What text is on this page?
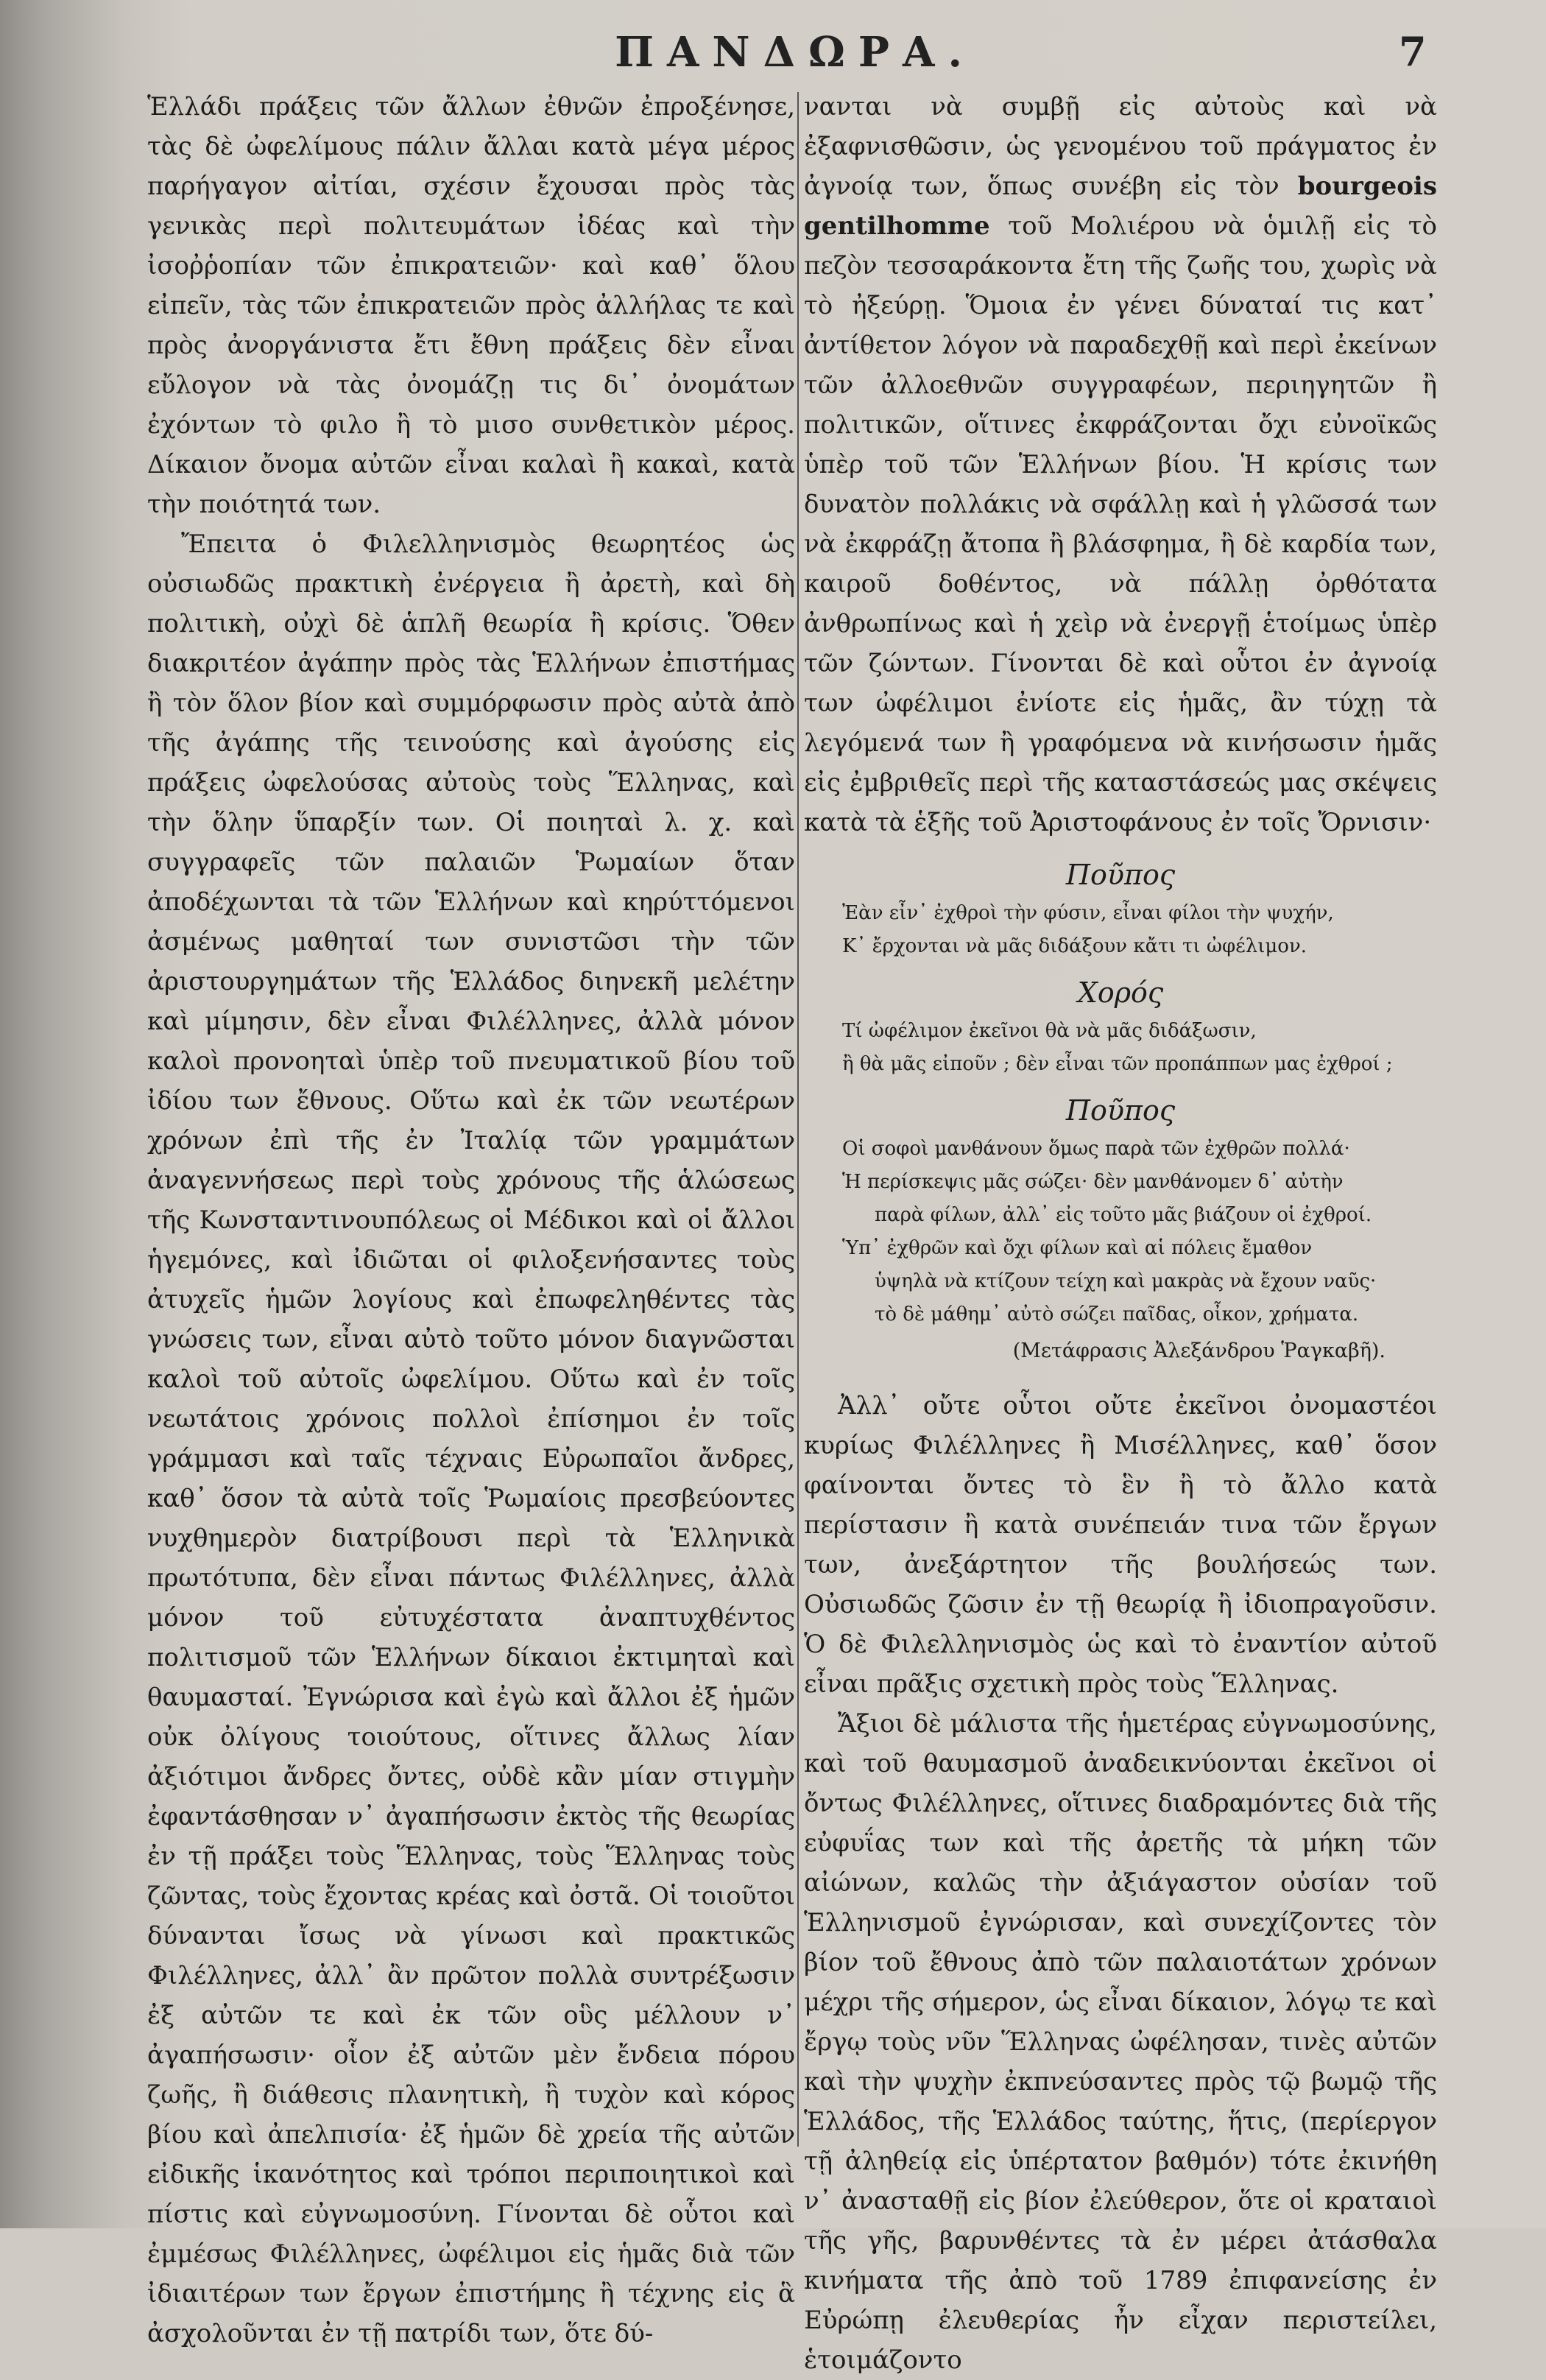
ΠΑΝΔΩΡΑ.	7

Ἑλλάδι πράξεις τῶν ἄλλων ἐθνῶν ἐπροξένησε, τὰς δὲ ὠφελίμους πάλιν ἄλλαι κατὰ μέγα μέρος παρήγαγον αἰτίαι, σχέσιν ἔχουσαι πρὸς τὰς γενικὰς περὶ πολιτευμάτων ἰδέας καὶ τὴν ἰσοῤῥοπίαν τῶν ἐπικρατειῶν· καὶ καθ᾽ ὅλου εἰπεῖν, τὰς τῶν ἐπικρατειῶν πρὸς ἀλλήλας τε καὶ πρὸς ἀνοργάνιστα ἔτι ἔθνη πράξεις δὲν εἶναι εὔλογον νὰ τὰς ὀνομάζῃ τις δι᾽ ὀνομάτων ἐχόντων τὸ φιλο ἢ τὸ μισο συνθετικὸν μέρος. Δίκαιον ὄνομα αὐτῶν εἶναι καλαὶ ἢ κακαὶ, κατὰ τὴν ποιότητά των.

Ἔπειτα ὁ Φιλελληνισμὸς θεωρητέος ὡς οὐσιωδῶς πρακτικὴ ἐνέργεια ἢ ἀρετὴ, καὶ δὴ πολιτικὴ, οὐχὶ δὲ ἁπλῆ θεωρία ἢ κρίσις. Ὅθεν διακριτέον ἀγάπην πρὸς τὰς Ἑλλήνων ἐπιστήμας ἢ τὸν ὅλον βίον καὶ συμμόρφωσιν πρὸς αὐτὰ ἀπὸ τῆς ἀγάπης τῆς τεινούσης καὶ ἀγούσης εἰς πράξεις ὠφελούσας αὐτοὺς τοὺς Ἕλληνας, καὶ τὴν ὅλην ὕπαρξίν των. Οἱ ποιηταὶ λ. χ. καὶ συγγραφεῖς τῶν παλαιῶν Ῥωμαίων ὅταν ἀποδέχωνται τὰ τῶν Ἑλλήνων καὶ κηρύττόμενοι ἀσμένως μαθηταί των συνιστῶσι τὴν τῶν ἀριστουργημάτων τῆς Ἑλλάδος διηνεκῆ μελέτην καὶ μίμησιν, δὲν εἶναι Φιλέλληνες, ἀλλὰ μόνον καλοὶ προνοηταὶ ὑπὲρ τοῦ πνευματικοῦ βίου τοῦ ἰδίου των ἔθνους. Οὕτω καὶ ἐκ τῶν νεωτέρων χρόνων ἐπὶ τῆς ἐν Ἰταλίᾳ τῶν γραμμάτων ἀναγεννήσεως περὶ τοὺς χρόνους τῆς ἁλώσεως τῆς Κωνσταντινουπόλεως οἱ Μέδικοι καὶ οἱ ἄλλοι ἡγεμόνες, καὶ ἰδιῶται οἱ φιλοξενήσαντες τοὺς ἀτυχεῖς ἡμῶν λογίους καὶ ἐπωφεληθέντες τὰς γνώσεις των, εἶναι αὐτὸ τοῦτο μόνον διαγνῶσται καλοὶ τοῦ αὐτοῖς ὠφελίμου. Οὕτω καὶ ἐν τοῖς νεωτάτοις χρόνοις πολλοὶ ἐπίσημοι ἐν τοῖς γράμμασι καὶ ταῖς τέχναις Εὐρωπαῖοι ἄνδρες, καθ᾽ ὅσον τὰ αὐτὰ τοῖς Ῥωμαίοις πρεσβεύοντες νυχθημερὸν διατρίβουσι περὶ τὰ Ἑλληνικὰ πρωτότυπα, δὲν εἶναι πάντως Φιλέλληνες, ἀλλὰ μόνον τοῦ εὐτυχέστατα ἀναπτυχθέντος πολιτισμοῦ τῶν Ἑλλήνων δίκαιοι ἐκτιμηταὶ καὶ θαυμασταί. Ἐγνώρισα καὶ ἐγὼ καὶ ἄλλοι ἐξ ἡμῶν οὐκ ὀλίγους τοιούτους, οἵτινες ἄλλως λίαν ἀξιότιμοι ἄνδρες ὄντες, οὐδὲ κἂν μίαν στιγμὴν ἐφαντάσθησαν ν᾽ ἀγαπήσωσιν ἐκτὸς τῆς θεωρίας ἐν τῇ πράξει τοὺς Ἕλληνας, τοὺς Ἕλληνας τοὺς ζῶντας, τοὺς ἔχοντας κρέας καὶ ὀστᾶ. Οἱ τοιοῦτοι δύνανται ἴσως νὰ γίνωσι καὶ πρακτικῶς Φιλέλληνες, ἀλλ᾽ ἂν πρῶτον πολλὰ συντρέξωσιν ἐξ αὐτῶν τε καὶ ἐκ τῶν οὓς μέλλουν ν᾽ ἀγαπήσωσιν· οἷον ἐξ αὐτῶν μὲν ἔνδεια πόρου ζωῆς, ἢ διάθεσις πλανητικὴ, ἢ τυχὸν καὶ κόρος βίου καὶ ἀπελπισία· ἐξ ἡμῶν δὲ χρεία τῆς αὐτῶν εἰδικῆς ἱκανότητος καὶ τρόποι περιποιητικοὶ καὶ πίστις καὶ εὐγνωμοσύνη. Γίνονται δὲ οὗτοι καὶ ἐμμέσως Φιλέλληνες, ὠφέλιμοι εἰς ἡμᾶς διὰ τῶν ἰδιαιτέρων των ἔργων ἐπιστήμης ἢ τέχνης εἰς ἃ ἀσχολοῦνται ἐν τῇ πατρίδι των, ὅτε δύ-

νανται νὰ συμβῇ εἰς αὐτοὺς καὶ νὰ ἐξαφνισθῶσιν, ὡς γενομένου τοῦ πράγματος ἐν ἀγνοίᾳ των, ὅπως συνέβη εἰς τὸν bourgeois gentilhomme τοῦ Μολιέρου νὰ ὁμιλῇ εἰς τὸ πεζὸν τεσσαράκοντα ἔτη τῆς ζωῆς του, χωρὶς νὰ τὸ ἠξεύρῃ. Ὅμοια ἐν γένει δύναταί τις κατ᾽ ἀντίθετον λόγον νὰ παραδεχθῇ καὶ περὶ ἐκείνων τῶν ἀλλοεθνῶν συγγραφέων, περιηγητῶν ἢ πολιτικῶν, οἵτινες ἐκφράζονται ὄχι εὐνοϊκῶς ὑπὲρ τοῦ τῶν Ἑλλήνων βίου. Ἡ κρίσις των δυνατὸν πολλάκις νὰ σφάλλῃ καὶ ἡ γλῶσσά των νὰ ἐκφράζῃ ἄτοπα ἢ βλάσφημα, ἢ δὲ καρδία των, καιροῦ δοθέντος, νὰ πάλλῃ ὀρθότατα ἀνθρωπίνως καὶ ἡ χεὶρ νὰ ἐνεργῇ ἑτοίμως ὑπὲρ τῶν ζώντων. Γίνονται δὲ καὶ οὗτοι ἐν ἀγνοίᾳ των ὠφέλιμοι ἐνίοτε εἰς ἡμᾶς, ἂν τύχῃ τὰ λεγόμενά των ἢ γραφόμενα νὰ κινήσωσιν ἡμᾶς εἰς ἐμβριθεῖς περὶ τῆς καταστάσεώς μας σκέψεις κατὰ τὰ ἑξῆς τοῦ Ἀριστοφάνους ἐν τοῖς Ὄρνισιν·

Ποῦπος
Ἐὰν εἶν᾽ ἐχθροὶ τὴν φύσιν, εἶναι φίλοι τὴν ψυχήν,
Κ᾽ ἔρχονται νὰ μᾶς διδάξουν κἄτι τι ὠφέλιμον.
Χορός
Τί ὠφέλιμον ἐκεῖνοι θὰ νὰ μᾶς διδάξωσιν,
ἢ θὰ μᾶς εἰποῦν ; δὲν εἶναι τῶν προπάππων μας ἐχθροί ;
Ποῦπος
Οἱ σοφοὶ μανθάνουν ὅμως παρὰ τῶν ἐχθρῶν πολλά·
Ἡ περίσκεψις μᾶς σώζει· δὲν μανθάνομεν δ᾽ αὐτὴν
παρὰ φίλων, ἀλλ᾽ εἰς τοῦτο μᾶς βιάζουν οἱ ἐχθροί.
Ὑπ᾽ ἐχθρῶν καὶ ὄχι φίλων καὶ αἱ πόλεις ἔμαθον
ὑψηλὰ νὰ κτίζουν τείχη καὶ μακρὰς νὰ ἔχουν ναῦς·
τὸ δὲ μάθημ᾽ αὐτὸ σώζει παῖδας, οἶκον, χρήματα.
(Μετάφρασις Ἀλεξάνδρου Ῥαγκαβῆ).

Ἀλλ᾽ οὔτε οὗτοι οὔτε ἐκεῖνοι ὀνομαστέοι κυρίως Φιλέλληνες ἢ Μισέλληνες, καθ᾽ ὅσον φαίνονται ὄντες τὸ ἓν ἢ τὸ ἄλλο κατὰ περίστασιν ἢ κατὰ συνέπειάν τινα τῶν ἔργων των, ἀνεξάρτητον τῆς βουλήσεώς των. Οὐσιωδῶς ζῶσιν ἐν τῇ θεωρίᾳ ἢ ἰδιοπραγοῦσιν. Ὁ δὲ Φιλελληνισμὸς ὡς καὶ τὸ ἐναντίον αὐτοῦ εἶναι πρᾶξις σχετικὴ πρὸς τοὺς Ἕλληνας.

Ἄξιοι δὲ μάλιστα τῆς ἡμετέρας εὐγνωμοσύνης, καὶ τοῦ θαυμασμοῦ ἀναδεικνύονται ἐκεῖνοι οἱ ὄντως Φιλέλληνες, οἵτινες διαδραμόντες διὰ τῆς εὐφυΐας των καὶ τῆς ἀρετῆς τὰ μήκη τῶν αἰώνων, καλῶς τὴν ἀξιάγαστον οὐσίαν τοῦ Ἑλληνισμοῦ ἐγνώρισαν, καὶ συνεχίζοντες τὸν βίον τοῦ ἔθνους ἀπὸ τῶν παλαιοτάτων χρόνων μέχρι τῆς σήμερον, ὡς εἶναι δίκαιον, λόγῳ τε καὶ ἔργῳ τοὺς νῦν Ἕλληνας ὠφέλησαν, τινὲς αὐτῶν καὶ τὴν ψυχὴν ἐκπνεύσαντες πρὸς τῷ βωμῷ τῆς Ἑλλάδος, τῆς Ἑλλάδος ταύτης, ἥτις, (περίεργον τῇ ἀληθείᾳ εἰς ὑπέρτατον βαθμόν) τότε ἐκινήθη ν᾽ ἀνασταθῇ εἰς βίον ἐλεύθερον, ὅτε οἱ κραταιοὶ τῆς γῆς, βαρυνθέντες τὰ ἐν μέρει ἀτάσθαλα κινήματα τῆς ἀπὸ τοῦ 1789 ἐπιφανείσης ἐν Εὐρώπῃ ἐλευθερίας ἦν εἶχαν περιστείλει, ἑτοιμάζοντο
